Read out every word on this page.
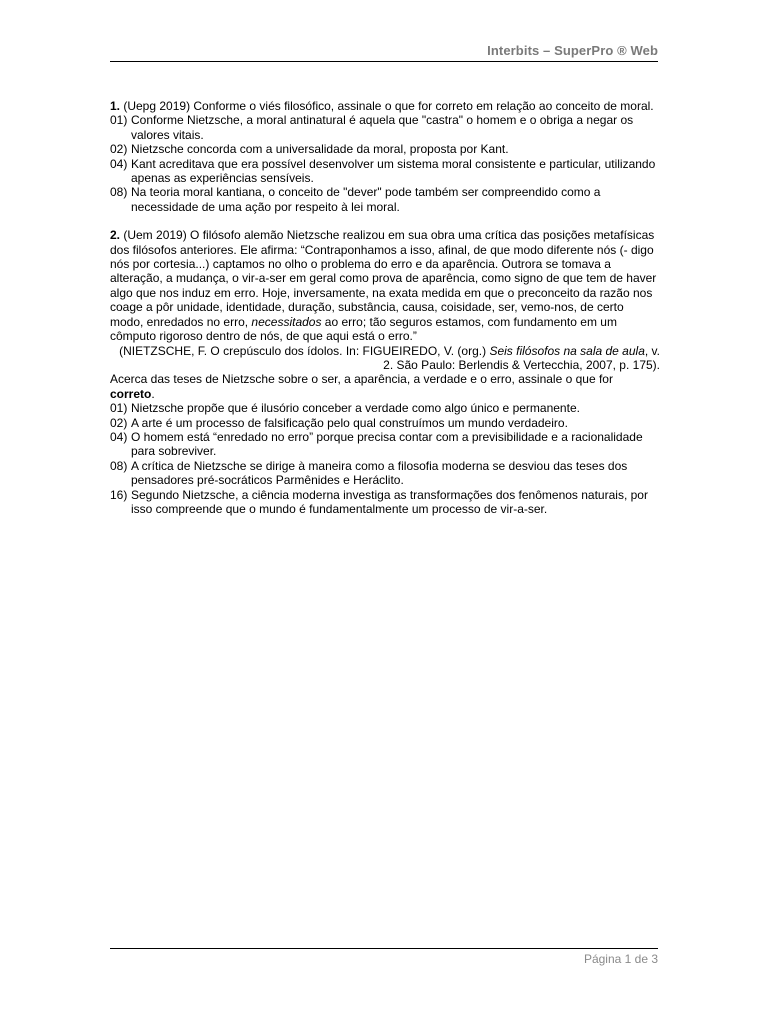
Interbits – SuperPro ® Web

1. (Uepg 2019) Conforme o viés filosófico, assinale o que for correto em relação ao conceito de moral.

01) Conforme Nietzsche, a moral antinatural é aquela que "castra" o homem e o obriga a negar os valores vitais.
02) Nietzsche concorda com a universalidade da moral, proposta por Kant.
04) Kant acreditava que era possível desenvolver um sistema moral consistente e particular, utilizando apenas as experiências sensíveis.
08) Na teoria moral kantiana, o conceito de "dever" pode também ser compreendido como a necessidade de uma ação por respeito à lei moral.

2. (Uem 2019) O filósofo alemão Nietzsche realizou em sua obra uma crítica das posições metafísicas dos filósofos anteriores. Ele afirma: “Contraponhamos a isso, afinal, de que modo diferente nós (- digo nós por cortesia...) captamos no olho o problema do erro e da aparência. Outrora se tomava a alteração, a mudança, o vir-a-ser em geral como prova de aparência, como signo de que tem de haver algo que nos induz em erro. Hoje, inversamente, na exata medida em que o preconceito da razão nos coage a pôr unidade, identidade, duração, substância, causa, coisidade, ser, vemo-nos, de certo modo, enredados no erro, necessitados ao erro; tão seguros estamos, com fundamento em um cômputo rigoroso dentro de nós, de que aqui está o erro.”

(NIETZSCHE, F. O crepúsculo dos ídolos. In: FIGUEIREDO, V. (org.) Seis filósofos na sala de aula, v. 2. São Paulo: Berlendis & Vertecchia, 2007, p. 175).

Acerca das teses de Nietzsche sobre o ser, a aparência, a verdade e o erro, assinale o que for correto.

01) Nietzsche propõe que é ilusório conceber a verdade como algo único e permanente.
02) A arte é um processo de falsificação pelo qual construímos um mundo verdadeiro.
04) O homem está “enredado no erro” porque precisa contar com a previsibilidade e a racionalidade para sobreviver.
08) A crítica de Nietzsche se dirige à maneira como a filosofia moderna se desviou das teses dos pensadores pré-socráticos Parmênides e Heráclito.
16) Segundo Nietzsche, a ciência moderna investiga as transformações dos fenômenos naturais, por isso compreende que o mundo é fundamentalmente um processo de vir-a-ser.
Página 1 de 3
